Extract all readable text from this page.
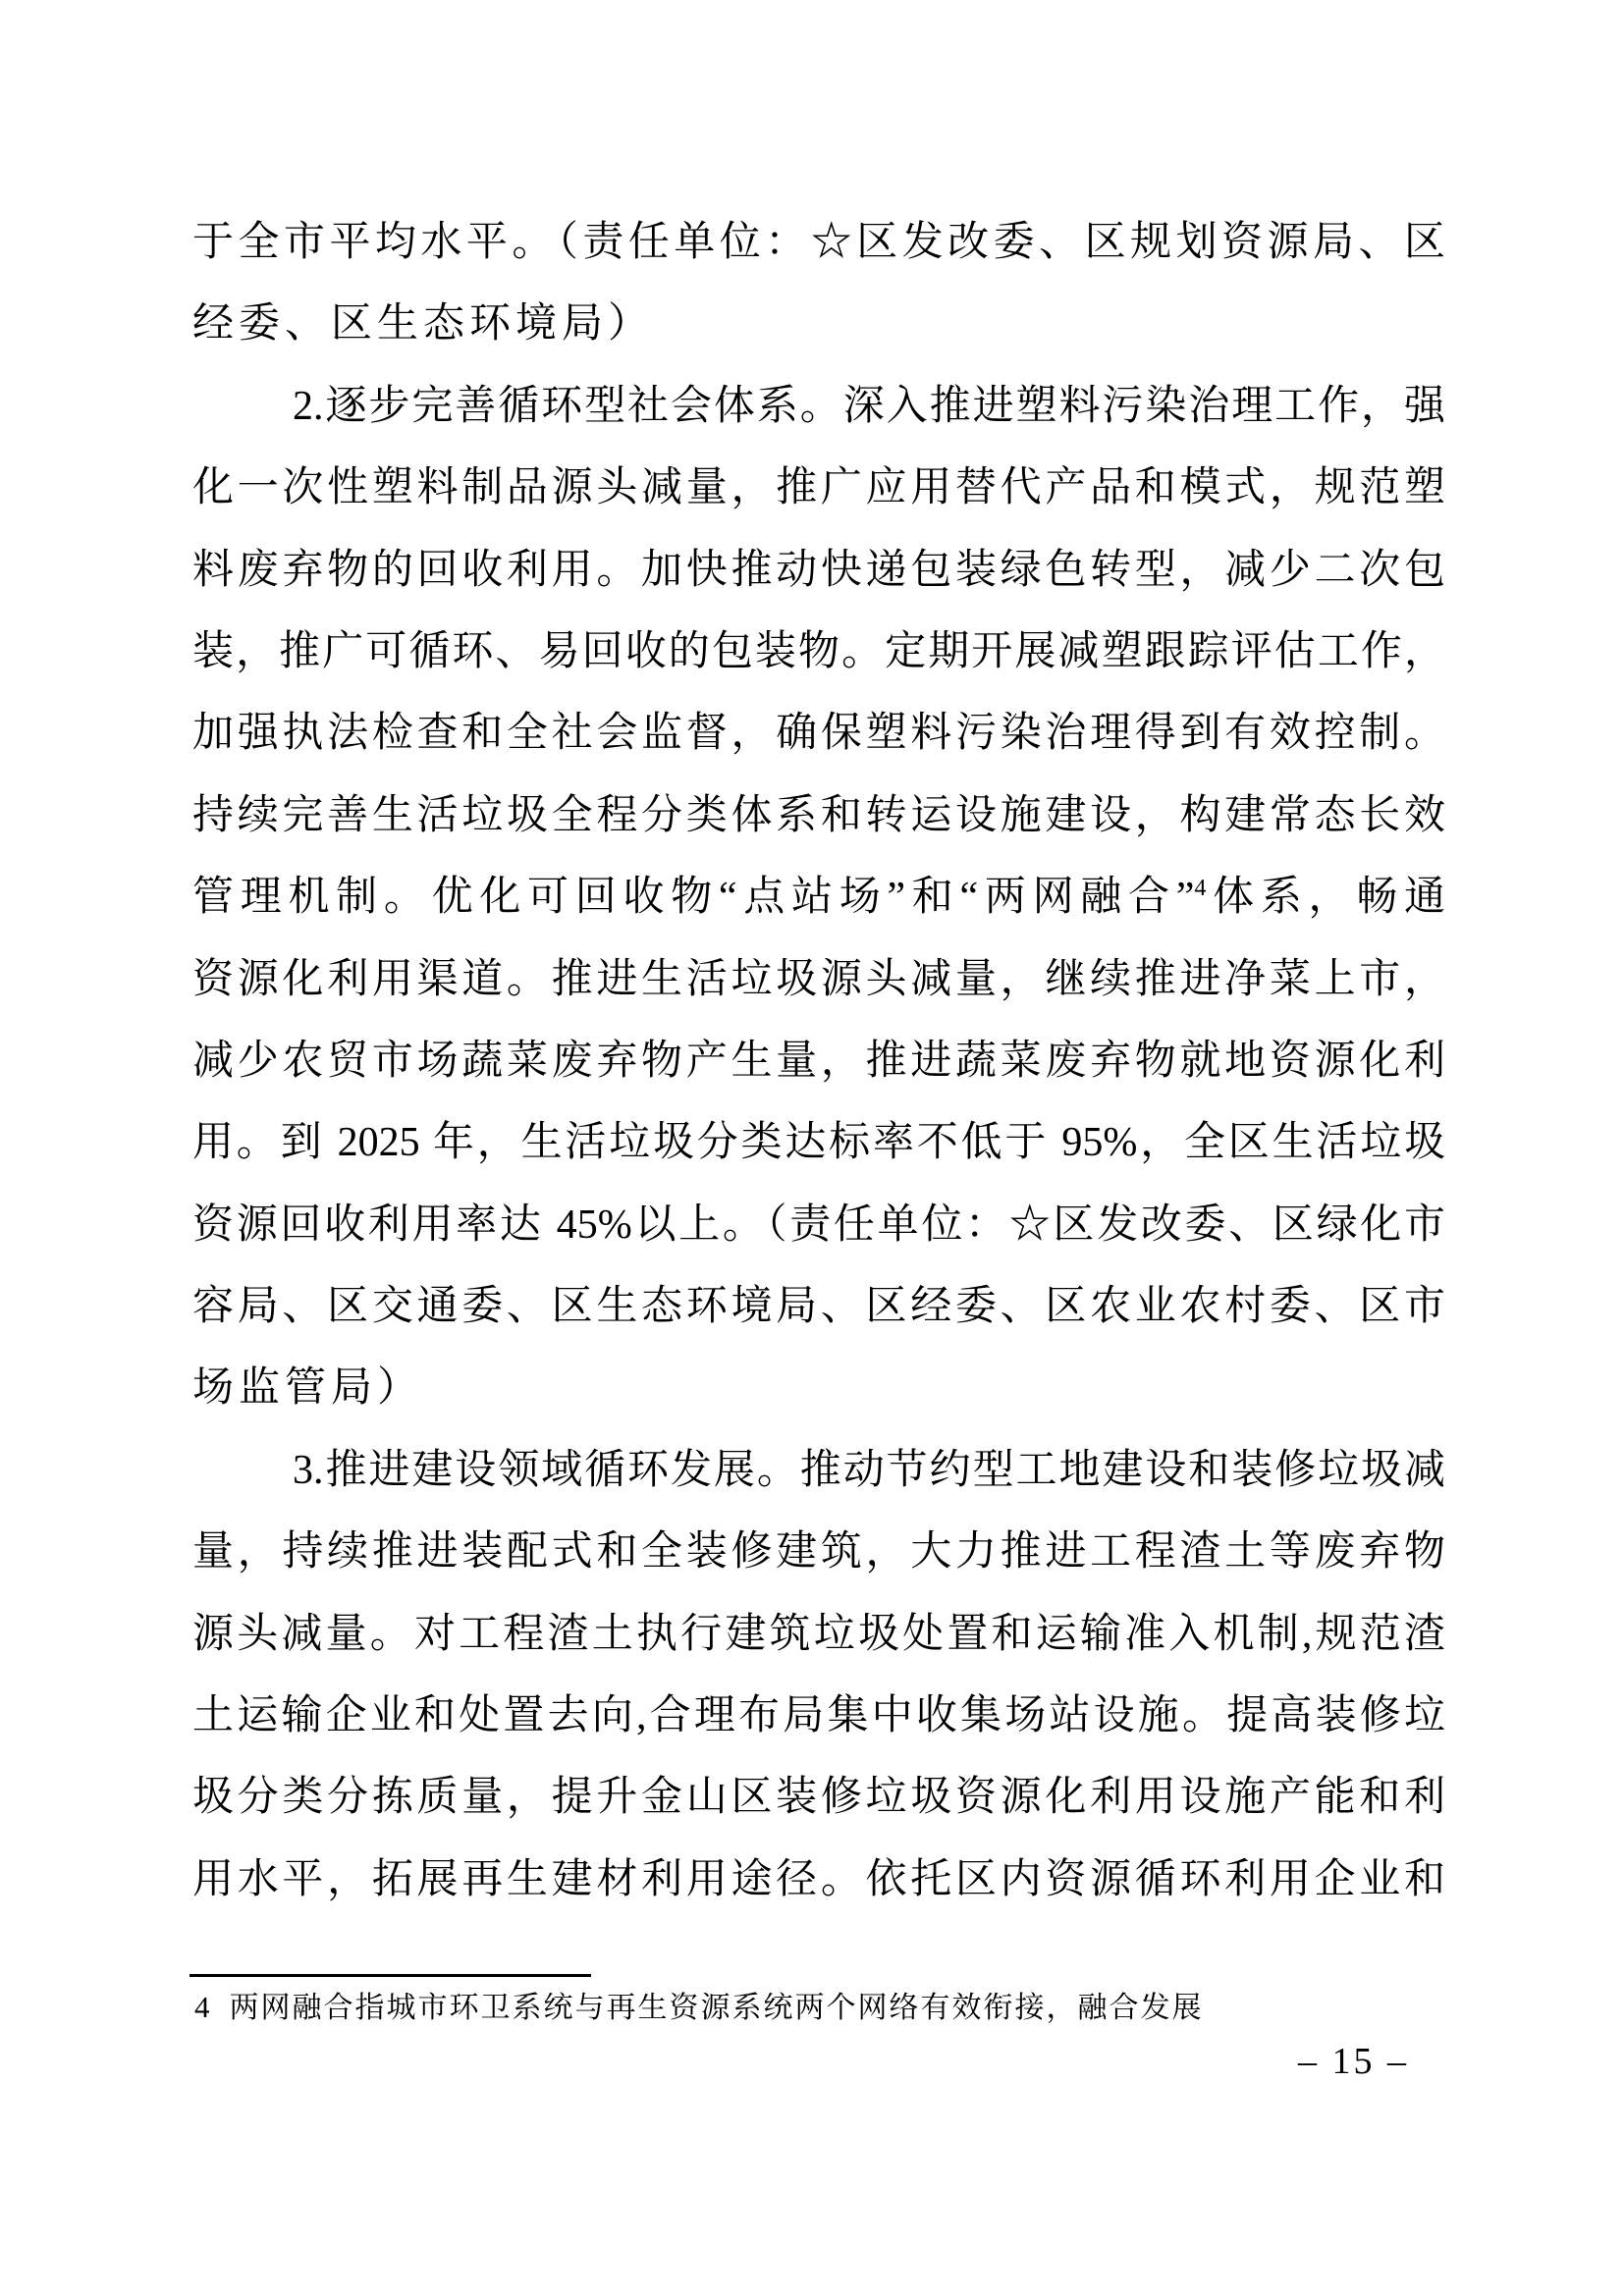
于全市平均水平。（责任单位：☆区发改委、区规划资源局、区
经委、区生态环境局）
2.逐步完善循环型社会体系。深入推进塑料污染治理工作，强
化一次性塑料制品源头减量，推广应用替代产品和模式，规范塑
料废弃物的回收利用。加快推动快递包装绿色转型，减少二次包
装，推广可循环、易回收的包装物。定期开展减塑跟踪评估工作，
加强执法检查和全社会监督，确保塑料污染治理得到有效控制。
持续完善生活垃圾全程分类体系和转运设施建设，构建常态长效
管理机制。优化可回收物“点站场”和“两网融合”$^4$体系，畅通
资源化利用渠道。推进生活垃圾源头减量，继续推进净菜上市，
减少农贸市场蔬菜废弃物产生量，推进蔬菜废弃物就地资源化利
用。到 2025 年，生活垃圾分类达标率不低于 95%，全区生活垃圾
资源回收利用率达 45%以上。（责任单位：☆区发改委、区绿化市
容局、区交通委、区生态环境局、区经委、区农业农村委、区市
场监管局）
3.推进建设领域循环发展。推动节约型工地建设和装修垃圾减
量，持续推进装配式和全装修建筑，大力推进工程渣土等废弃物
源头减量。对工程渣土执行建筑垃圾处置和运输准入机制,规范渣
土运输企业和处置去向,合理布局集中收集场站设施。提高装修垃
圾分类分拣质量，提升金山区装修垃圾资源化利用设施产能和利
用水平，拓展再生建材利用途径。依托区内资源循环利用企业和
4 两网融合指城市环卫系统与再生资源系统两个网络有效衔接，融合发展
– 15 –
